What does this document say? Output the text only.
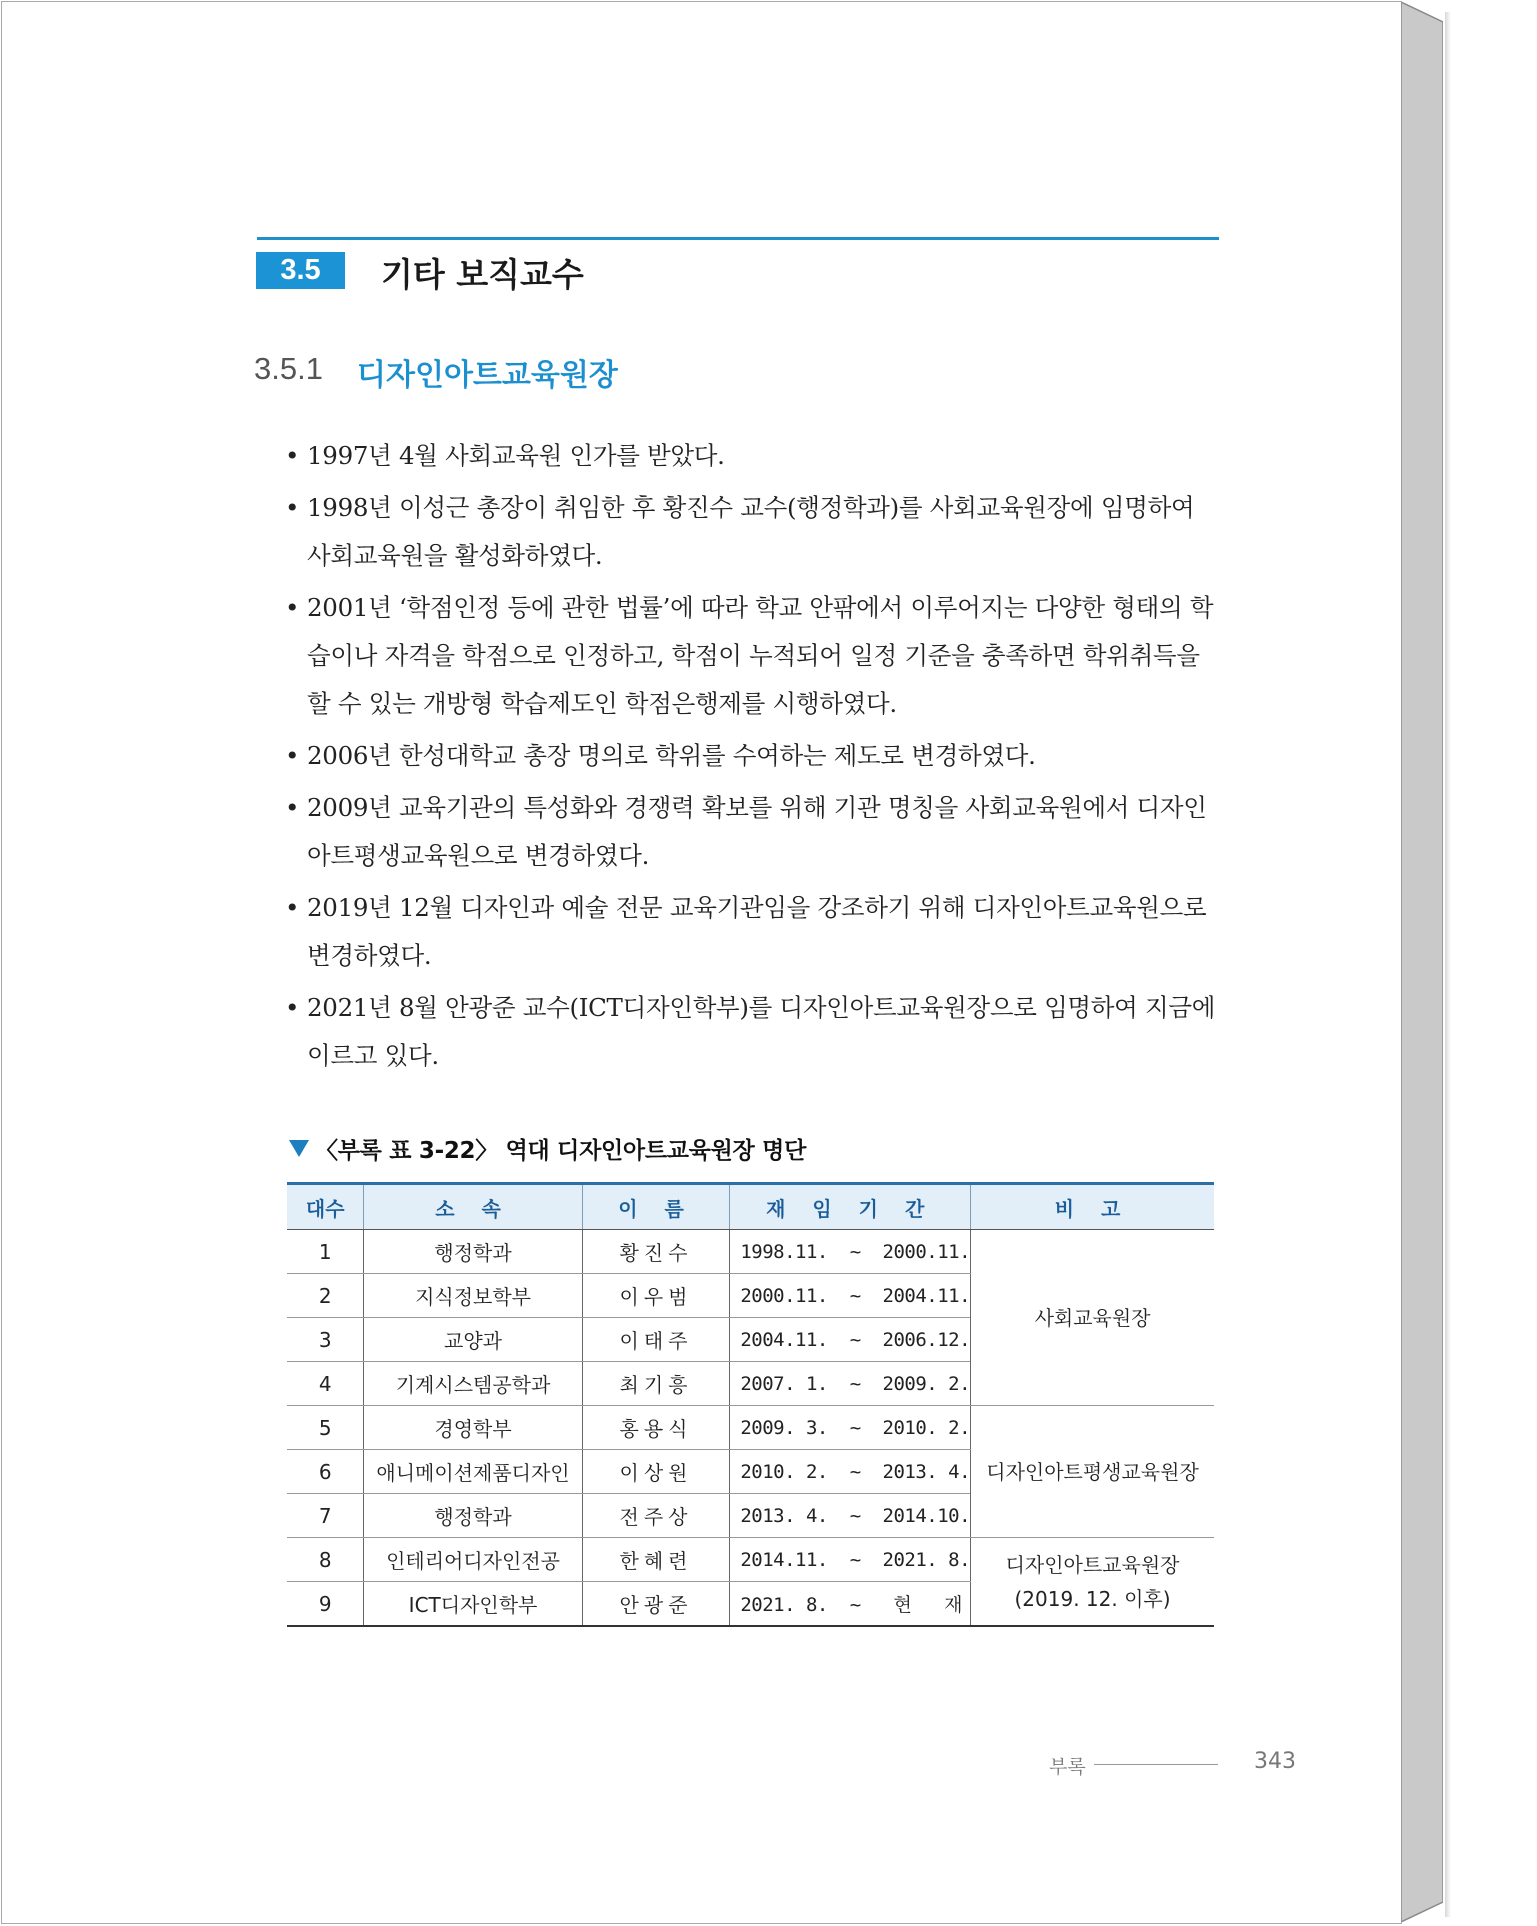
3.5	기타 보직교수
3.5.1 디자인아트교육원장
• 1997년 4월 사회교육원 인가를 받았다.
• 1998년 이성근 총장이 취임한 후 황진수 교수(행정학과)를 사회교육원장에 임명하여 사회교육원을 활성화하였다.
• 2001년 ‘학점인정 등에 관한 법률’에 따라 학교 안팎에서 이루어지는 다양한 형태의 학습이나 자격을 학점으로 인정하고, 학점이 누적되어 일정 기준을 충족하면 학위취득을 할 수 있는 개방형 학습제도인 학점은행제를 시행하였다.
• 2006년 한성대학교 총장 명의로 학위를 수여하는 제도로 변경하였다.
• 2009년 교육기관의 특성화와 경쟁력 확보를 위해 기관 명칭을 사회교육원에서 디자인아트평생교육원으로 변경하였다.
• 2019년 12월 디자인과 예술 전문 교육기관임을 강조하기 위해 디자인아트교육원으로 변경하였다.
• 2021년 8월 안광준 교수(ICT디자인학부)를 디자인아트교육원장으로 임명하여 지금에 이르고 있다.
〈부록 표 3-22〉 역대 디자인아트교육원장 명단
대수	소 속	이 름	재 임 기 간	비 고
1	행정학과	황진수	1998.11.  ~  2000.11.	사회교육원장
2	지식정보학부	이우범	2000.11.  ~  2004.11.	
3	교양과	이태주	2004.11.  ~  2006.12.	
4	기계시스템공학과	최기흥	2007. 1.  ~  2009. 2.	
5	경영학부	홍용식	2009. 3.  ~  2010. 2.	디자인아트평생교육원장
6	애니메이션제품디자인	이상원	2010. 2.  ~  2013. 4.	
7	행정학과	전주상	2013. 4.  ~  2014.10.	
8	인테리어디자인전공	한혜련	2014.11.  ~  2021. 8.	디자인아트교육원장
(2019. 12. 이후)

9	ICT디자인학부	안광준	2021. 8.  ~   현   재	
부록	343
